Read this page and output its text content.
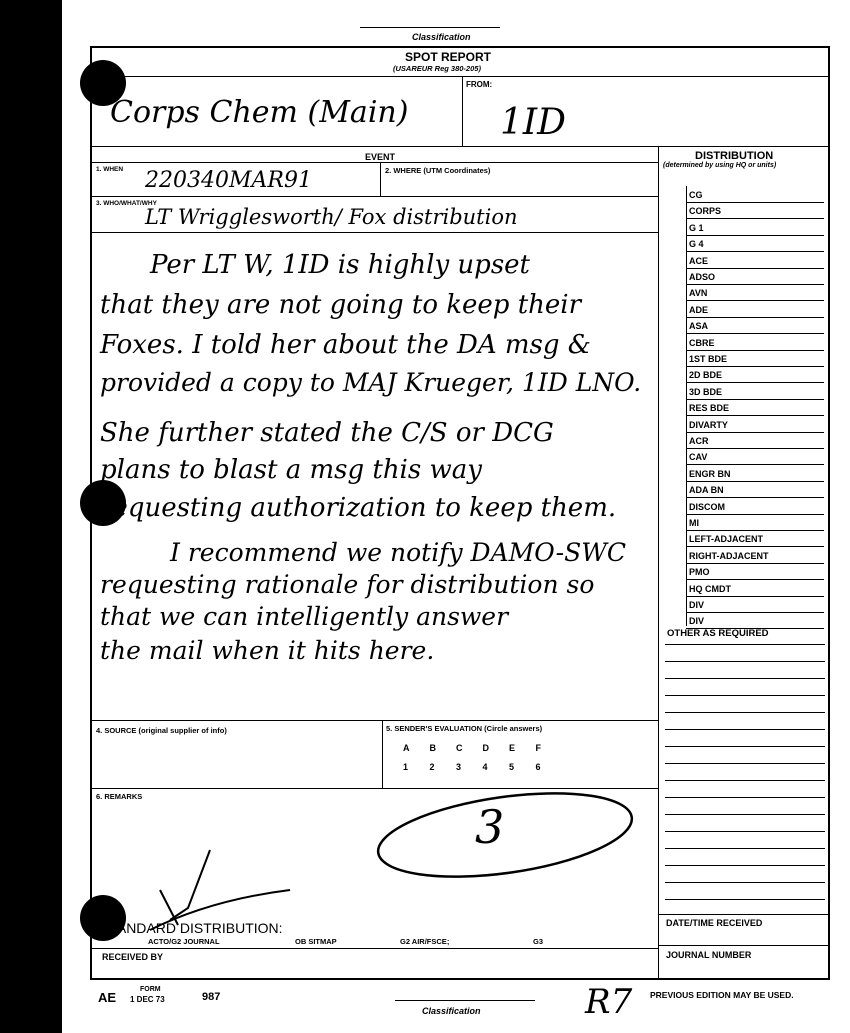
Classification
SPOT REPORT
(USAREUR Reg 380-205)
FROM:
Corps Chem (Main)	1ID
EVENT
1. WHEN	2. WHERE (UTM Coordinates)
220340MAR91
3. WHO/WHAT/WHY
LT Wrigglesworth/ Fox distribution
Per LT W, 1ID is highly upset
that they are not going to keep their
Foxes. I told her about the DA msg &
provided a copy to MAJ Krueger, 1ID LNO.
She further stated the C/S or DCG
plans to blast a msg this way
requesting authorization to keep them.
I recommend we notify DAMO-SWC
requesting rationale for distribution so
that we can intelligently answer
the mail when it hits here.
4. SOURCE (original supplier of info)	5. SENDER'S EVALUATION (Circle answers)
A B C D E F
1 2 3 4 5 6
6. REMARKS
3
STANDARD DISTRIBUTION:
ACTO/G2 JOURNAL	OB SITMAP	G2 AIR/FSCE;	G3
RECEIVED BY
DISTRIBUTION
(determined by using HQ or units)
CG
CORPS
G 1
G 4
ACE
ADSO
AVN
ADE
ASA
CBRE
1ST BDE
2D BDE
3D BDE
RES BDE
DIVARTY
ACR
CAV
ENGR BN
ADA BN
DISCOM
MI
LEFT-ADJACENT
RIGHT-ADJACENT
PMO
HQ CMDT
DIV
DIV
OTHER AS REQUIRED
DATE/TIME RECEIVED
JOURNAL NUMBER
AE
FORM
1 DEC 73	987
Classification	R7 PREVIOUS EDITION MAY BE USED.
